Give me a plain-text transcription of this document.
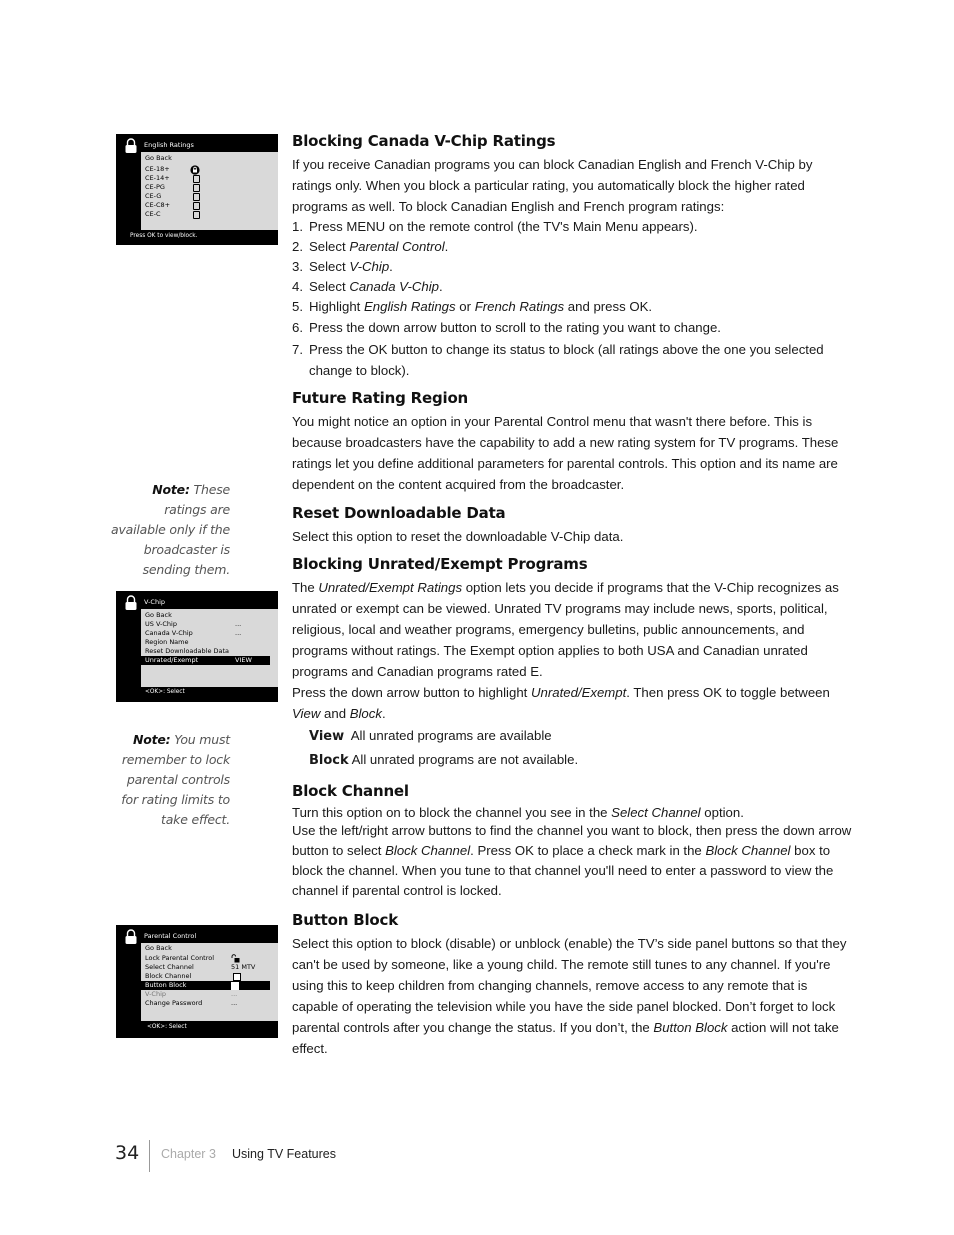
English Ratings
Go Back
CE-18+
CE-14+
CE-PG
CE-G
CE-C8+
CE-C
Press OK to view/block.
Note: These ratings are available only if the broadcaster is sending them.
V-Chip
Go Back
US V-Chip	...
Canada V-Chip	...
Region Name
Reset Downloadable Data
Unrated/Exempt	VIEW
<OK>: Select
Note: You must remember to lock parental controls for rating limits to take effect.
Parental Control
Go Back
Lock Parental Control
Select Channel	51 MTV
Block Channel
Button Block
V-Chip	...
Change Password	...
<OK>: Select
Blocking Canada V-Chip Ratings

If you receive Canadian programs you can block Canadian English and French V-Chip by ratings only. When you block a particular rating, you automatically block the higher rated programs as well. To block Canadian English and French program ratings:

1. Press MENU on the remote control (the TV's Main Menu appears).
2. Select Parental Control.
3. Select V-Chip.
4. Select Canada V-Chip.
5. Highlight English Ratings or French Ratings and press OK.
6. Press the down arrow button to scroll to the rating you want to change.
7. Press the OK button to change its status to block (all ratings above the one you selected change to block).
Future Rating Region

You might notice an option in your Parental Control menu that wasn't there before. This is because broadcasters have the capability to add a new rating system for TV programs. These

ratings let you define additional parameters for parental controls. This option and its name are dependent on the content acquired from the broadcaster.

Reset Downloadable Data

Select this option to reset the downloadable V-Chip data.

Blocking Unrated/Exempt Programs

The Unrated/Exempt Ratings option lets you decide if programs that the V-Chip recognizes as unrated or exempt can be viewed. Unrated TV programs may include news, sports, political, religious, local and weather programs, emergency bulletins, public announcements, and programs without ratings. The Exempt option applies to both USA and Canadian unrated programs and Canadian programs rated E.

Press the down arrow button to highlight Unrated/Exempt. Then press OK to toggle between View and Block.

View All unrated programs are available
Block All unrated programs are not available.
Block Channel

Turn this option on to block the channel you see in the Select Channel option.

Use the left/right arrow buttons to find the channel you want to block, then press the down arrow button to select Block Channel. Press OK to place a check mark in the Block Channel box to block the channel. When you tune to that channel you'll need to enter a password to view the channel if parental control is locked.

Button Block

Select this option to block (disable) or unblock (enable) the TV’s side panel buttons so that they can't be used by someone, like a young child. The remote still tunes to any channel. If you're using this to keep children from changing channels, remove access to any remote that is capable of operating the television while you have the side panel blocked. Don’t forget to lock parental controls after you change the status. If you don’t, the Button Block action will not take effect.

34 Chapter 3 Using TV Features
